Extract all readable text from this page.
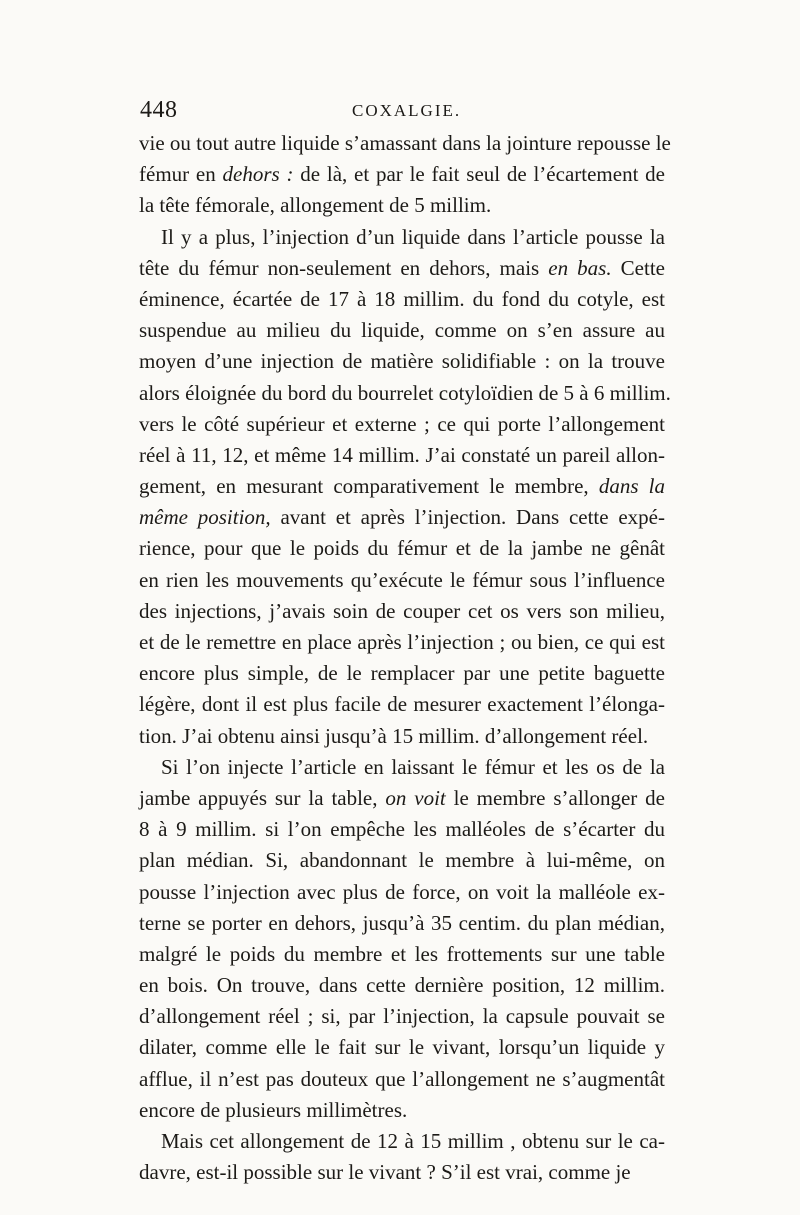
448	COXALGIE.
vie ou tout autre liquide s’amassant dans la jointure repousse le
fémur en dehors : de là, et par le fait seul de l’écartement de
la tête fémorale, allongement de 5 millim.
Il y a plus, l’injection d’un liquide dans l’article pousse la
tête du fémur non-seulement en dehors, mais en bas. Cette
éminence, écartée de 17 à 18 millim. du fond du cotyle, est
suspendue au milieu du liquide, comme on s’en assure au
moyen d’une injection de matière solidifiable : on la trouve
alors éloignée du bord du bourrelet cotyloïdien de 5 à 6 millim.
vers le côté supérieur et externe ; ce qui porte l’allongement
réel à 11, 12, et même 14 millim. J’ai constaté un pareil allon-
gement, en mesurant comparativement le membre, dans la
même position, avant et après l’injection. Dans cette expé-
rience, pour que le poids du fémur et de la jambe ne gênât
en rien les mouvements qu’exécute le fémur sous l’influence
des injections, j’avais soin de couper cet os vers son milieu,
et de le remettre en place après l’injection ; ou bien, ce qui est
encore plus simple, de le remplacer par une petite baguette
légère, dont il est plus facile de mesurer exactement l’élonga-
tion. J’ai obtenu ainsi jusqu’à 15 millim. d’allongement réel.
Si l’on injecte l’article en laissant le fémur et les os de la
jambe appuyés sur la table, on voit le membre s’allonger de
8 à 9 millim. si l’on empêche les malléoles de s’écarter du
plan médian. Si, abandonnant le membre à lui-même, on
pousse l’injection avec plus de force, on voit la malléole ex-
terne se porter en dehors, jusqu’à 35 centim. du plan médian,
malgré le poids du membre et les frottements sur une table
en bois. On trouve, dans cette dernière position, 12 millim.
d’allongement réel ; si, par l’injection, la capsule pouvait se
dilater, comme elle le fait sur le vivant, lorsqu’un liquide y
afflue, il n’est pas douteux que l’allongement ne s’augmentât
encore de plusieurs millimètres.
Mais cet allongement de 12 à 15 millim , obtenu sur le ca-
davre, est-il possible sur le vivant ? S’il est vrai, comme je
